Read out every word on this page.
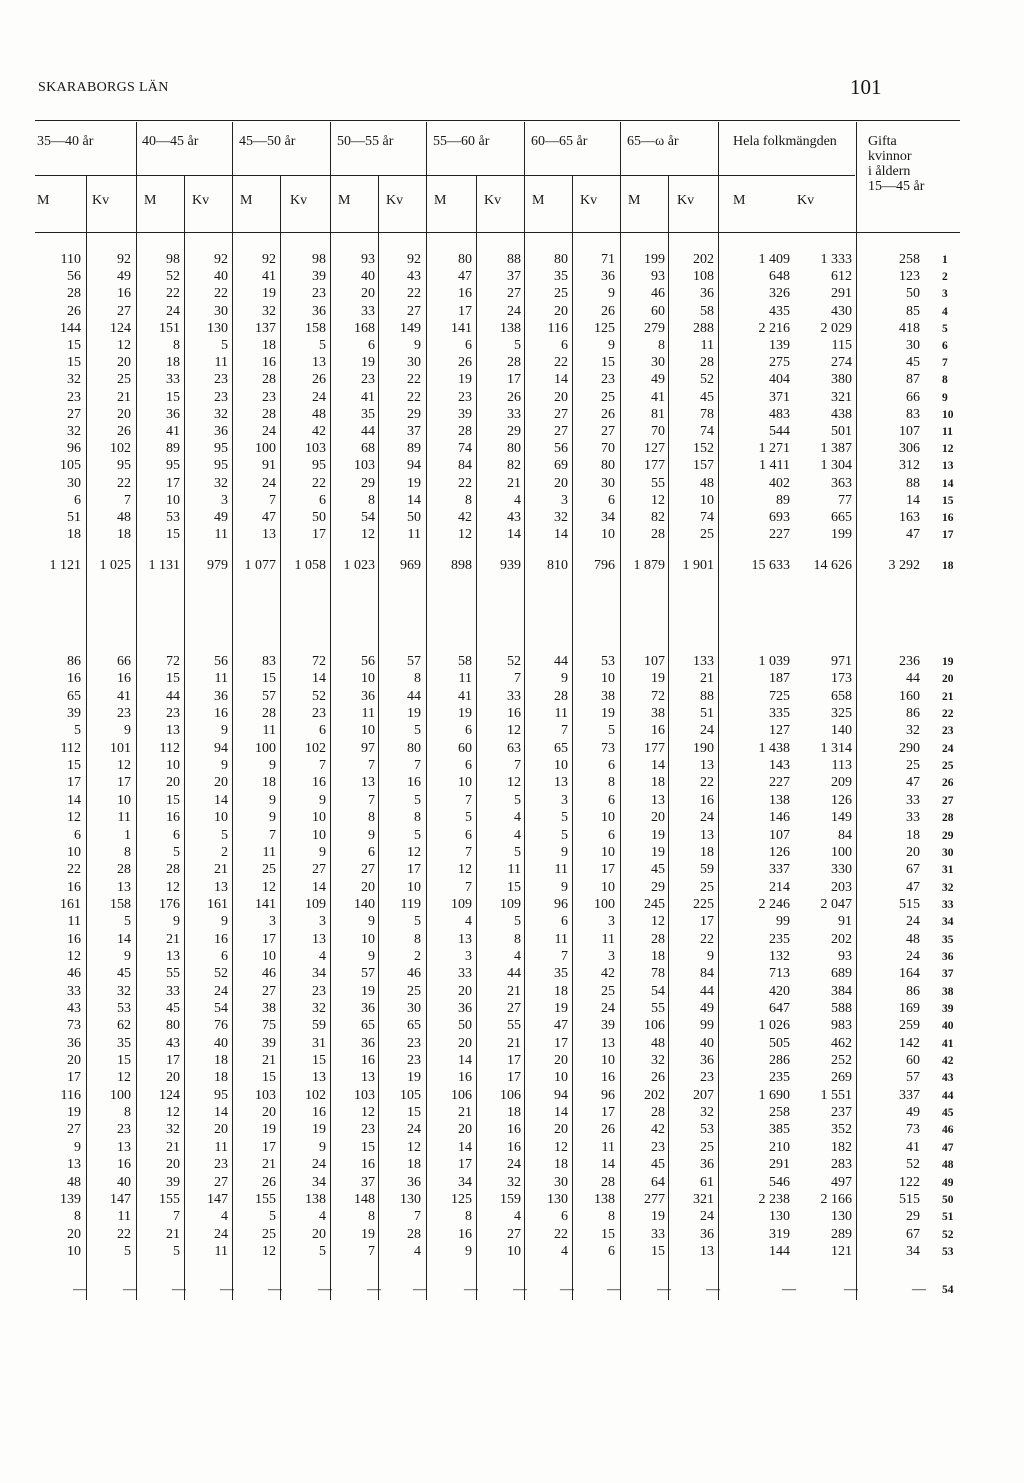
SKARABORGS LÄN	101
35—40 år	40—45 år	45—50 år	50—55 år	55—60 år	60—65 år	65—ω år	Hela folkmängden	Gifta
kvinnor
i åldern
15—45 år
M	Kv M	Kv M	Kv M	Kv M	Kv M	Kv M	Kv	M	Kv
110	92	98	92	92	98	93	92	80	88	80	71	199	202	1 409	1 333	258 1
56	49	52	40	41	39	40	43	47	37	35	36	93	108	648	612	123 2
28	16	22	22	19	23	20	22	16	27	25	9	46	36	326	291	50 3
26	27	24	30	32	36	33	27	17	24	20	26	60	58	435	430	85 4
144	124	151	130	137	158	168	149	141	138	116	125	279	288	2 216	2 029	418 5
15	12	8	5	18	5	6	9	6	5	6	9	8	11	139	115	30 6
15	20	18	11	16	13	19	30	26	28	22	15	30	28	275	274	45 7
32	25	33	23	28	26	23	22	19	17	14	23	49	52	404	380	87 8
23	21	15	23	23	24	41	22	23	26	20	25	41	45	371	321	66 9
27	20	36	32	28	48	35	29	39	33	27	26	81	78	483	438	83 10
32	26	41	36	24	42	44	37	28	29	27	27	70	74	544	501	107 11
96	102	89	95	100	103	68	89	74	80	56	70	127	152	1 271	1 387	306 12
105	95	95	95	91	95	103	94	84	82	69	80	177	157	1 411	1 304	312 13
30	22	17	32	24	22	29	19	22	21	20	30	55	48	402	363	88 14
6	7	10	3	7	6	8	14	8	4	3	6	12	10	89	77	14 15
51	48	53	49	47	50	54	50	42	43	32	34	82	74	693	665	163 16
18	18	15	11	13	17	12	11	12	14	14	10	28	25	227	199	47 17
1 121	1 025	1 131	979	1 077	1 058	1 023	969	898	939	810	796	1 879	1 901	15 633	14 626	3 292 18
86	66	72	56	83	72	56	57	58	52	44	53	107	133	1 039	971	236 19
16	16	15	11	15	14	10	8	11	7	9	10	19	21	187	173	44 20
65	41	44	36	57	52	36	44	41	33	28	38	72	88	725	658	160 21
39	23	23	16	28	23	11	19	19	16	11	19	38	51	335	325	86 22
5	9	13	9	11	6	10	5	6	12	7	5	16	24	127	140	32 23
112	101	112	94	100	102	97	80	60	63	65	73	177	190	1 438	1 314	290 24
15	12	10	9	9	7	7	7	6	7	10	6	14	13	143	113	25 25
17	17	20	20	18	16	13	16	10	12	13	8	18	22	227	209	47 26
14	10	15	14	9	9	7	5	7	5	3	6	13	16	138	126	33 27
12	11	16	10	9	10	8	8	5	4	5	10	20	24	146	149	33 28
6	1	6	5	7	10	9	5	6	4	5	6	19	13	107	84	18 29
10	8	5	2	11	9	6	12	7	5	9	10	19	18	126	100	20 30
22	28	28	21	25	27	27	17	12	11	11	17	45	59	337	330	67 31
16	13	12	13	12	14	20	10	7	15	9	10	29	25	214	203	47 32
161	158	176	161	141	109	140	119	109	109	96	100	245	225	2 246	2 047	515 33
11	5	9	9	3	3	9	5	4	5	6	3	12	17	99	91	24 34
16	14	21	16	17	13	10	8	13	8	11	11	28	22	235	202	48 35
12	9	13	6	10	4	9	2	3	4	7	3	18	9	132	93	24 36
46	45	55	52	46	34	57	46	33	44	35	42	78	84	713	689	164 37
33	32	33	24	27	23	19	25	20	21	18	25	54	44	420	384	86 38
43	53	45	54	38	32	36	30	36	27	19	24	55	49	647	588	169 39
73	62	80	76	75	59	65	65	50	55	47	39	106	99	1 026	983	259 40
36	35	43	40	39	31	36	23	20	21	17	13	48	40	505	462	142 41
20	15	17	18	21	15	16	23	14	17	20	10	32	36	286	252	60 42
17	12	20	18	15	13	13	19	16	17	10	16	26	23	235	269	57 43
116	100	124	95	103	102	103	105	106	106	94	96	202	207	1 690	1 551	337 44
19	8	12	14	20	16	12	15	21	18	14	17	28	32	258	237	49 45
27	23	32	20	19	19	23	24	20	16	20	26	42	53	385	352	73 46
9	13	21	11	17	9	15	12	14	16	12	11	23	25	210	182	41 47
13	16	20	23	21	24	16	18	17	24	18	14	45	36	291	283	52 48
48	40	39	27	26	34	37	36	34	32	30	28	64	61	546	497	122 49
139	147	155	147	155	138	148	130	125	159	130	138	277	321	2 238	2 166	515 50
8	11	7	4	5	4	8	7	8	4	6	8	19	24	130	130	29 51
20	22	21	24	25	20	19	28	16	27	22	15	33	36	319	289	67 52
10	5	5	11	12	5	7	4	9	10	4	6	15	13	144	121	34 53
—	—	—	—	—	—	—	—	—	—	—	—	—	—	—	—	— 54
